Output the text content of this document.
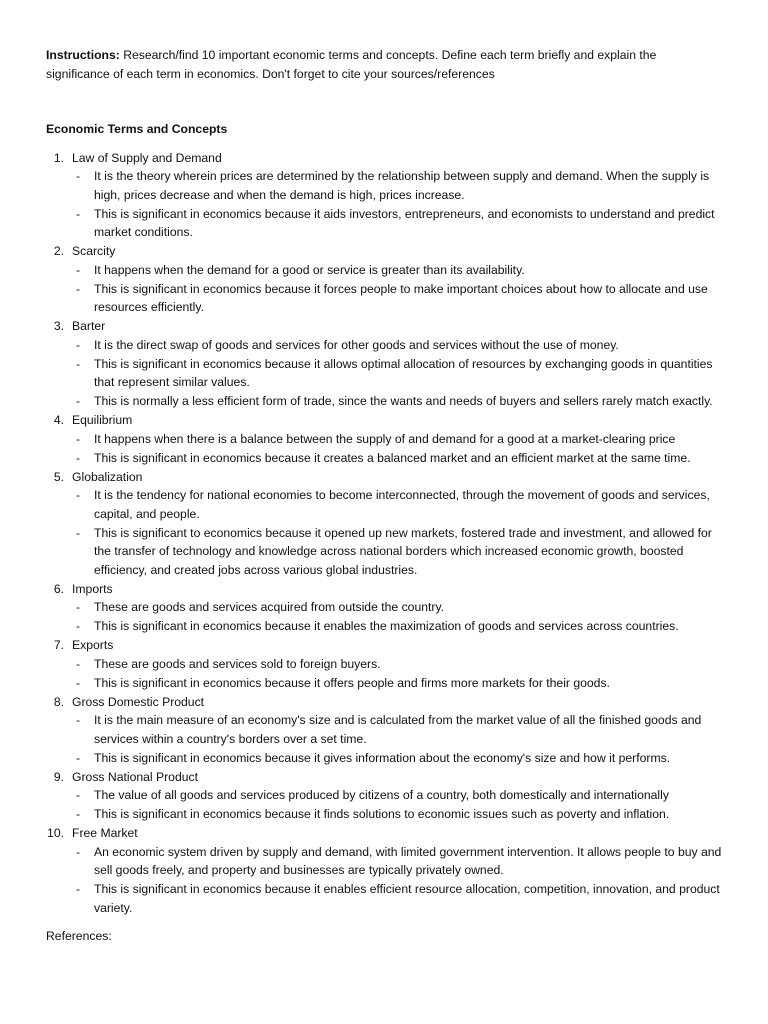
Instructions: Research/find 10 important economic terms and concepts. Define each term briefly and explain the significance of each term in economics. Don't forget to cite your sources/references

Economic Terms and Concepts
1. Law of Supply and Demand
-	It is the theory wherein prices are determined by the relationship between supply and demand. When the supply is high, prices decrease and when the demand is high, prices increase.
-	This is significant in economics because it aids investors, entrepreneurs, and economists to understand and predict market conditions.
2. Scarcity
-	It happens when the demand for a good or service is greater than its availability.
-	This is significant in economics because it forces people to make important choices about how to allocate and use resources efficiently.
3. Barter
-	It is the direct swap of goods and services for other goods and services without the use of money.
-	This is significant in economics because it allows optimal allocation of resources by exchanging goods in quantities that represent similar values.
-	This is normally a less efficient form of trade, since the wants and needs of buyers and sellers rarely match exactly.
4. Equilibrium
-	It happens when there is a balance between the supply of and demand for a good at a market-clearing price
-	This is significant in economics because it creates a balanced market and an efficient market at the same time.
5. Globalization
-	It is the tendency for national economies to become interconnected, through the movement of goods and services, capital, and people.
-	This is significant to economics because it opened up new markets, fostered trade and investment, and allowed for the transfer of technology and knowledge across national borders which increased economic growth, boosted efficiency, and created jobs across various global industries.
6. Imports
-	These are goods and services acquired from outside the country.
-	This is significant in economics because it enables the maximization of goods and services across countries.
7. Exports
-	These are goods and services sold to foreign buyers.
-	This is significant in economics because it offers people and firms more markets for their goods.
8. Gross Domestic Product
-	It is the main measure of an economy's size and is calculated from the market value of all the finished goods and services within a country's borders over a set time.
-	This is significant in economics because it gives information about the economy's size and how it performs.
9. Gross National Product
-	The value of all goods and services produced by citizens of a country, both domestically and internationally
-	This is significant in economics because it finds solutions to economic issues such as poverty and inflation.
10. Free Market
-	An economic system driven by supply and demand, with limited government intervention. It allows people to buy and sell goods freely, and property and businesses are typically privately owned.
-	This is significant in economics because it enables efficient resource allocation, competition, innovation, and product variety.

References:
